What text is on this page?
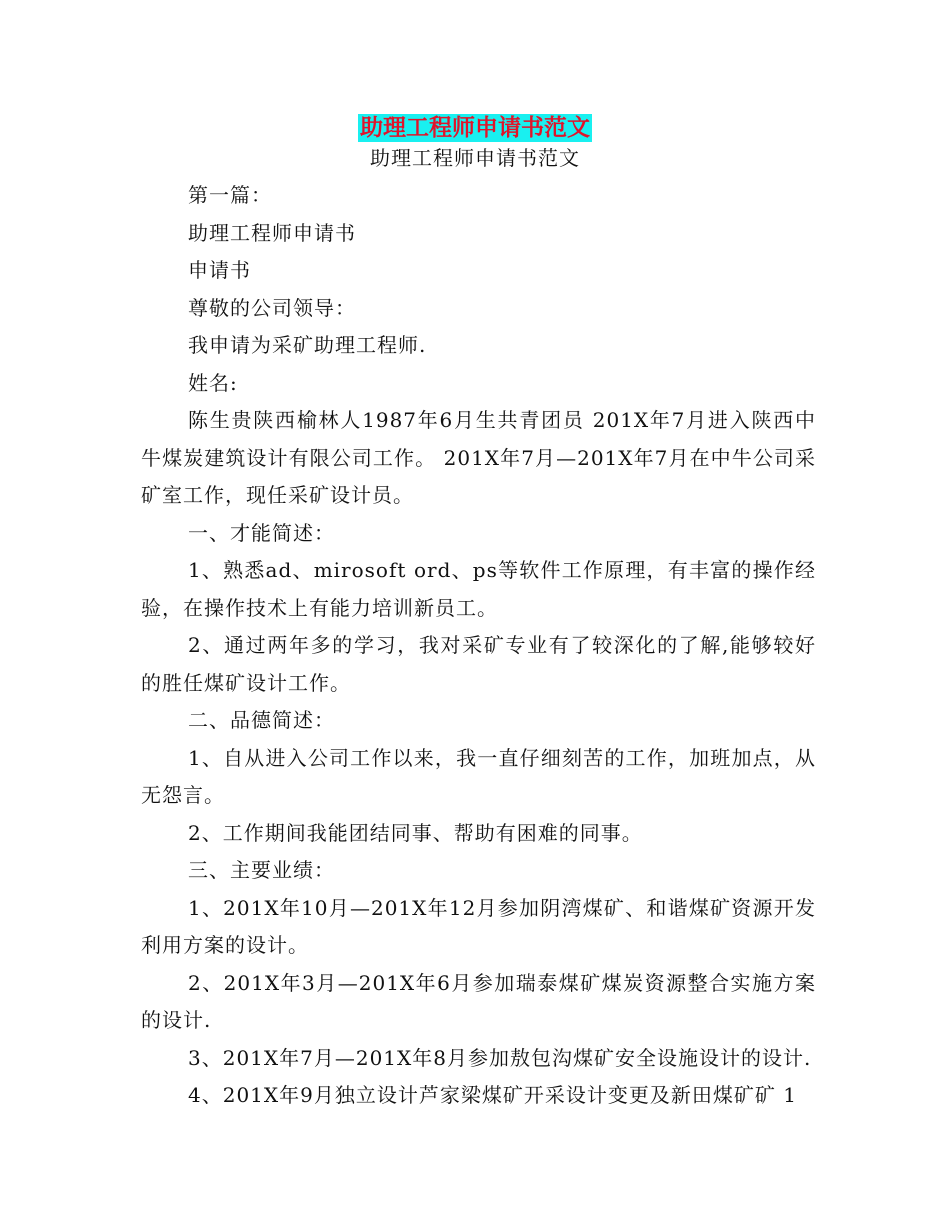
助理工程师申请书范文
助理工程师申请书范文

第一篇：

助理工程师申请书

申请书

尊敬的公司领导：

我申请为采矿助理工程师.

姓名:

陈生贵陕西榆林人1987年6月生共青团员 201X年7月进入陕西中牛煤炭建筑设计有限公司工作。 201X年7月—201X年7月在中牛公司采矿室工作，现任采矿设计员。

一、才能简述：

1、熟悉ad、mirosoft ord、ps等软件工作原理，有丰富的操作经验，在操作技术上有能力培训新员工。

2、通过两年多的学习，我对采矿专业有了较深化的了解,能够较好的胜任煤矿设计工作。

二、品德简述：

1、自从进入公司工作以来，我一直仔细刻苦的工作，加班加点，从无怨言。

2、工作期间我能团结同事、帮助有困难的同事。

三、主要业绩：

1、201X年10月—201X年12月参加阴湾煤矿、和谐煤矿资源开发利用方案的设计。

2、201X年3月—201X年6月参加瑞泰煤矿煤炭资源整合实施方案的设计.

3、201X年7月—201X年8月参加敖包沟煤矿安全设施设计的设计.

4、201X年9月独立设计芦家梁煤矿开采设计变更及新田煤矿矿 1
